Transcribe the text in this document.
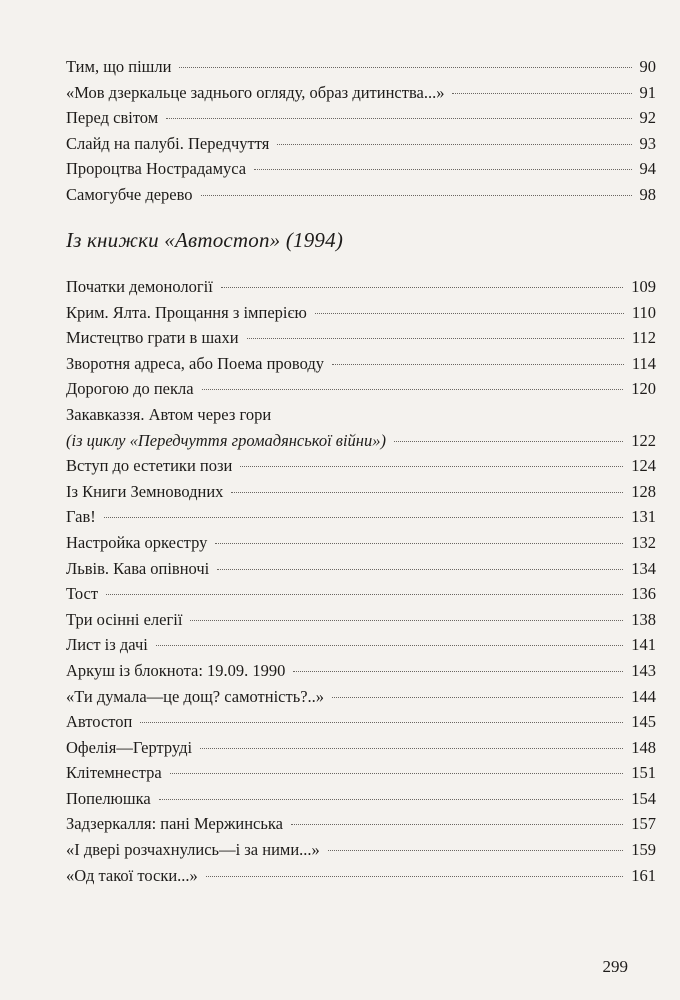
Тим, що пішли	90
«Мов дзеркальце заднього огляду, образ дитинства...»	91
Перед світом	92
Слайд на палубі. Передчуття	93
Пророцтва Нострадамуса	94
Самогубче дерево	98
Із книжки «Автостоп» (1994)
Початки демонології	109
Крим. Ялта. Прощання з імперією	110
Мистецтво грати в шахи	112
Зворотня адреса, або Поема проводу	114
Дорогою до пекла	120
Закавказзя. Автом через гори
(із циклу «Передчуття громадянської війни»)	122
Вступ до естетики пози	124
Із Книги Земноводних	128
Гав!	131
Настройка оркестру	132
Львів. Кава опівночі	134
Тост	136
Три осінні елегії	138
Лист із дачі	141
Аркуш із блокнота: 19.09. 1990	143
«Ти думала—це дощ? самотність?..»	144
Автостоп	145
Офелія—Гертруді	148
Клітемнестра	151
Попелюшка	154
Задзеркалля: пані Мержинська	157
«І двері розчахнулись—і за ними...»	159
«Од такої тоски...»	161
299
